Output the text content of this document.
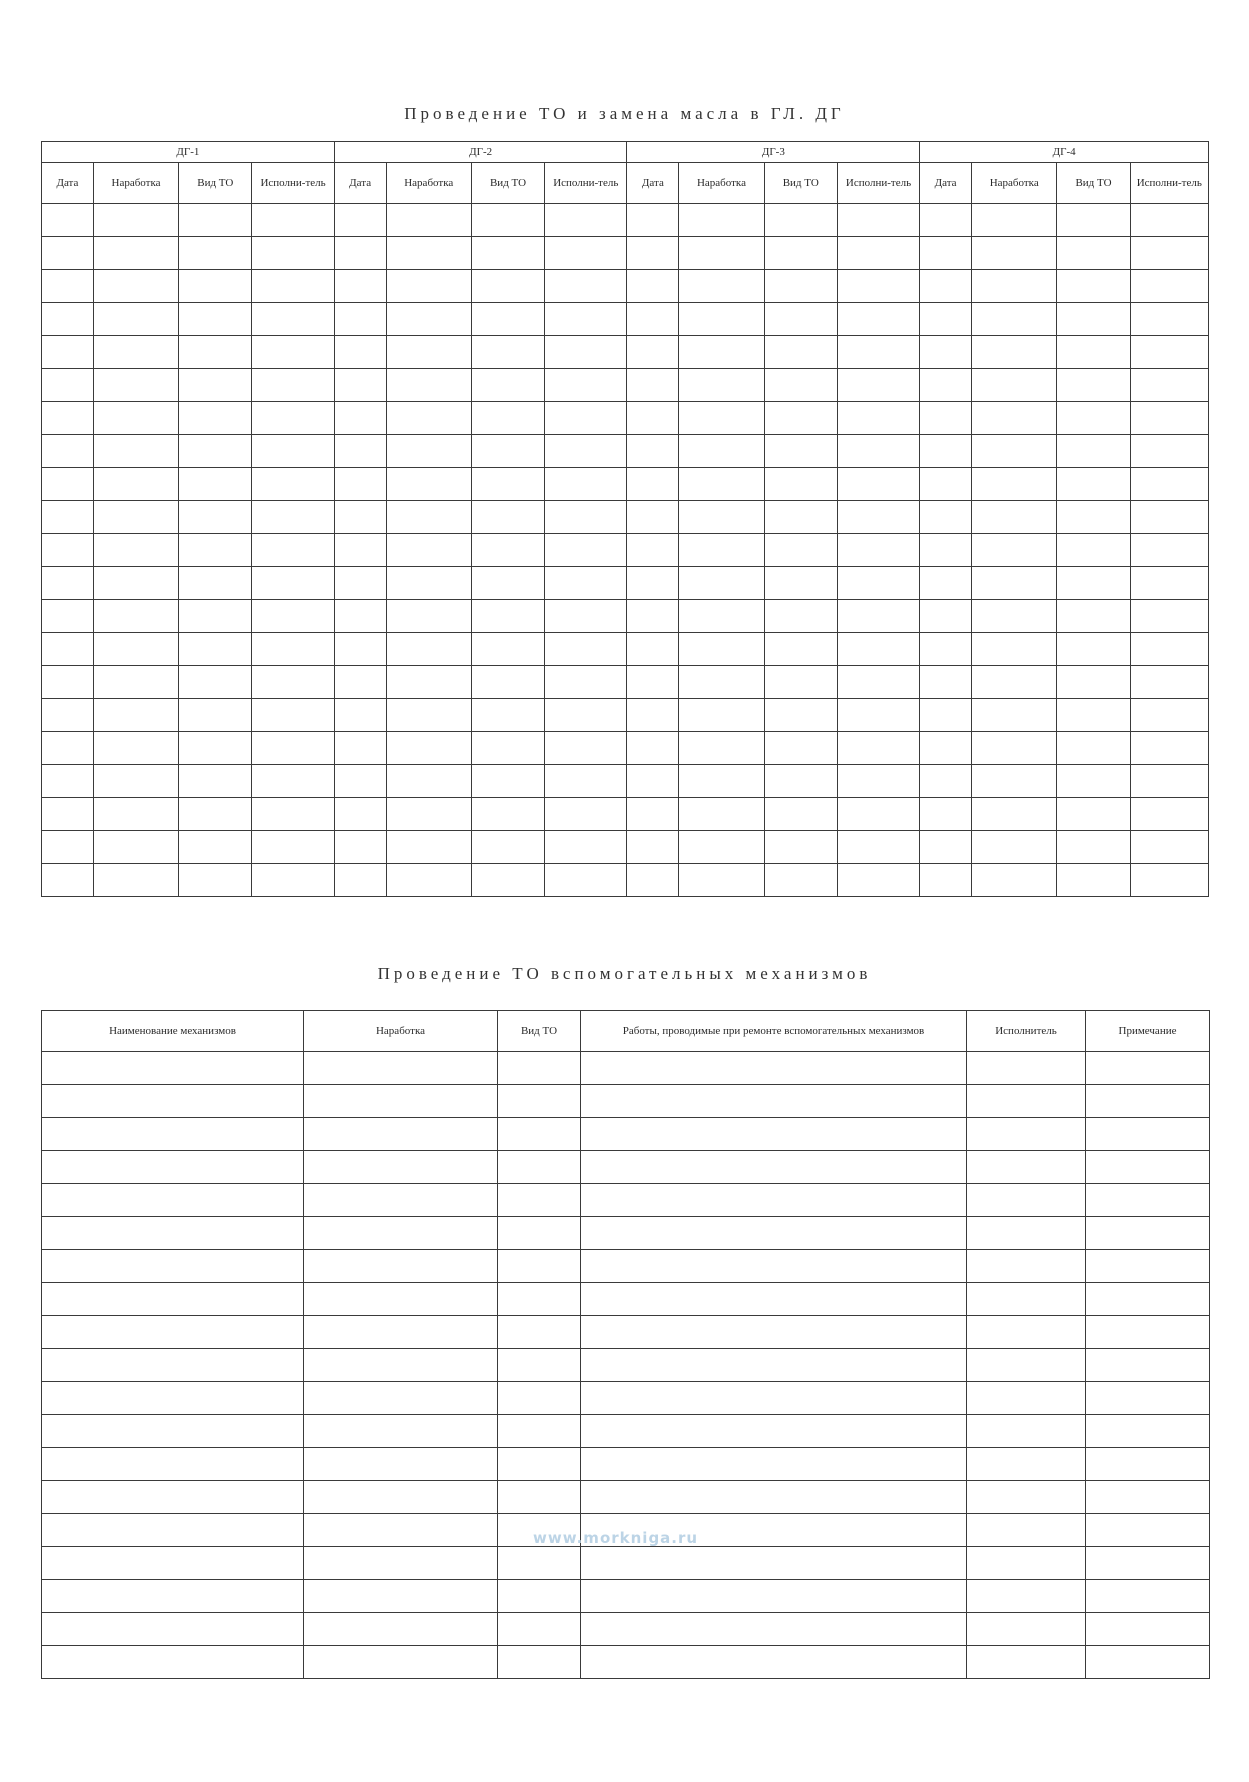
Проведение ТО и замена масла в ГЛ. ДГ
ДГ-1				ДГ-2				ДГ-3				ДГ-4			
Дата	Наработка	Вид ТО	Исполни-тель	Дата	Наработка	Вид ТО	Исполни-тель	Дата	Наработка	Вид ТО	Исполни-тель	Дата	Наработка	Вид ТО	Исполни-тель

Проведение ТО вспомогательных механизмов
Наименование механизмов	Наработка	Вид ТО	Работы, проводимые при ремонте вспомогательных механизмов	Исполнитель	Примечание

www.morkniga.ru
